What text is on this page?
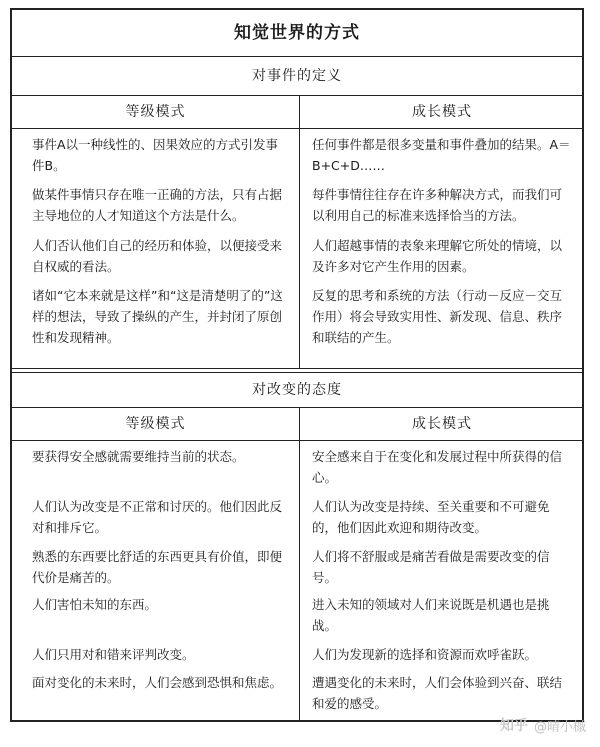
知觉世界的方式
对事件的定义
等级模式	成长模式

事件A以一种线性的、因果效应的方式引发事件B。

做某件事情只存在唯一正确的方法，只有占据主导地位的人才知道这个方法是什么。

人们否认他们自己的经历和体验，以便接受来自权威的看法。

诸如“它本来就是这样”和“这是清楚明了的”这样的想法，导致了操纵的产生，并封闭了原创性和发现精神。

任何事件都是很多变量和事件叠加的结果。A＝B+C+D……

每件事情往往存在许多种解决方式，而我们可以利用自己的标准来选择恰当的方法。

人们超越事情的表象来理解它所处的情境，以及许多对它产生作用的因素。

反复的思考和系统的方法（行动－反应－交互作用）将会导致实用性、新发现、信息、秩序和联结的产生。

对改变的态度
等级模式	成长模式

要获得安全感就需要维持当前的状态。

人们认为改变是不正常和讨厌的。他们因此反对和排斥它。

熟悉的东西要比舒适的东西更具有价值，即便代价是痛苦的。

人们害怕未知的东西。

人们只用对和错来评判改变。

面对变化的未来时，人们会感到恐惧和焦虑。

安全感来自于在变化和发展过程中所获得的信心。

人们认为改变是持续、至关重要和不可避免的，他们因此欢迎和期待改变。

人们将不舒服或是痛苦看做是需要改变的信号。

进入未知的领域对人们来说既是机遇也是挑战。

人们为发现新的选择和资源而欢呼雀跃。

遭遇变化的未来时，人们会体验到兴奋、联结和爱的感受。

知乎 @晴小槭
